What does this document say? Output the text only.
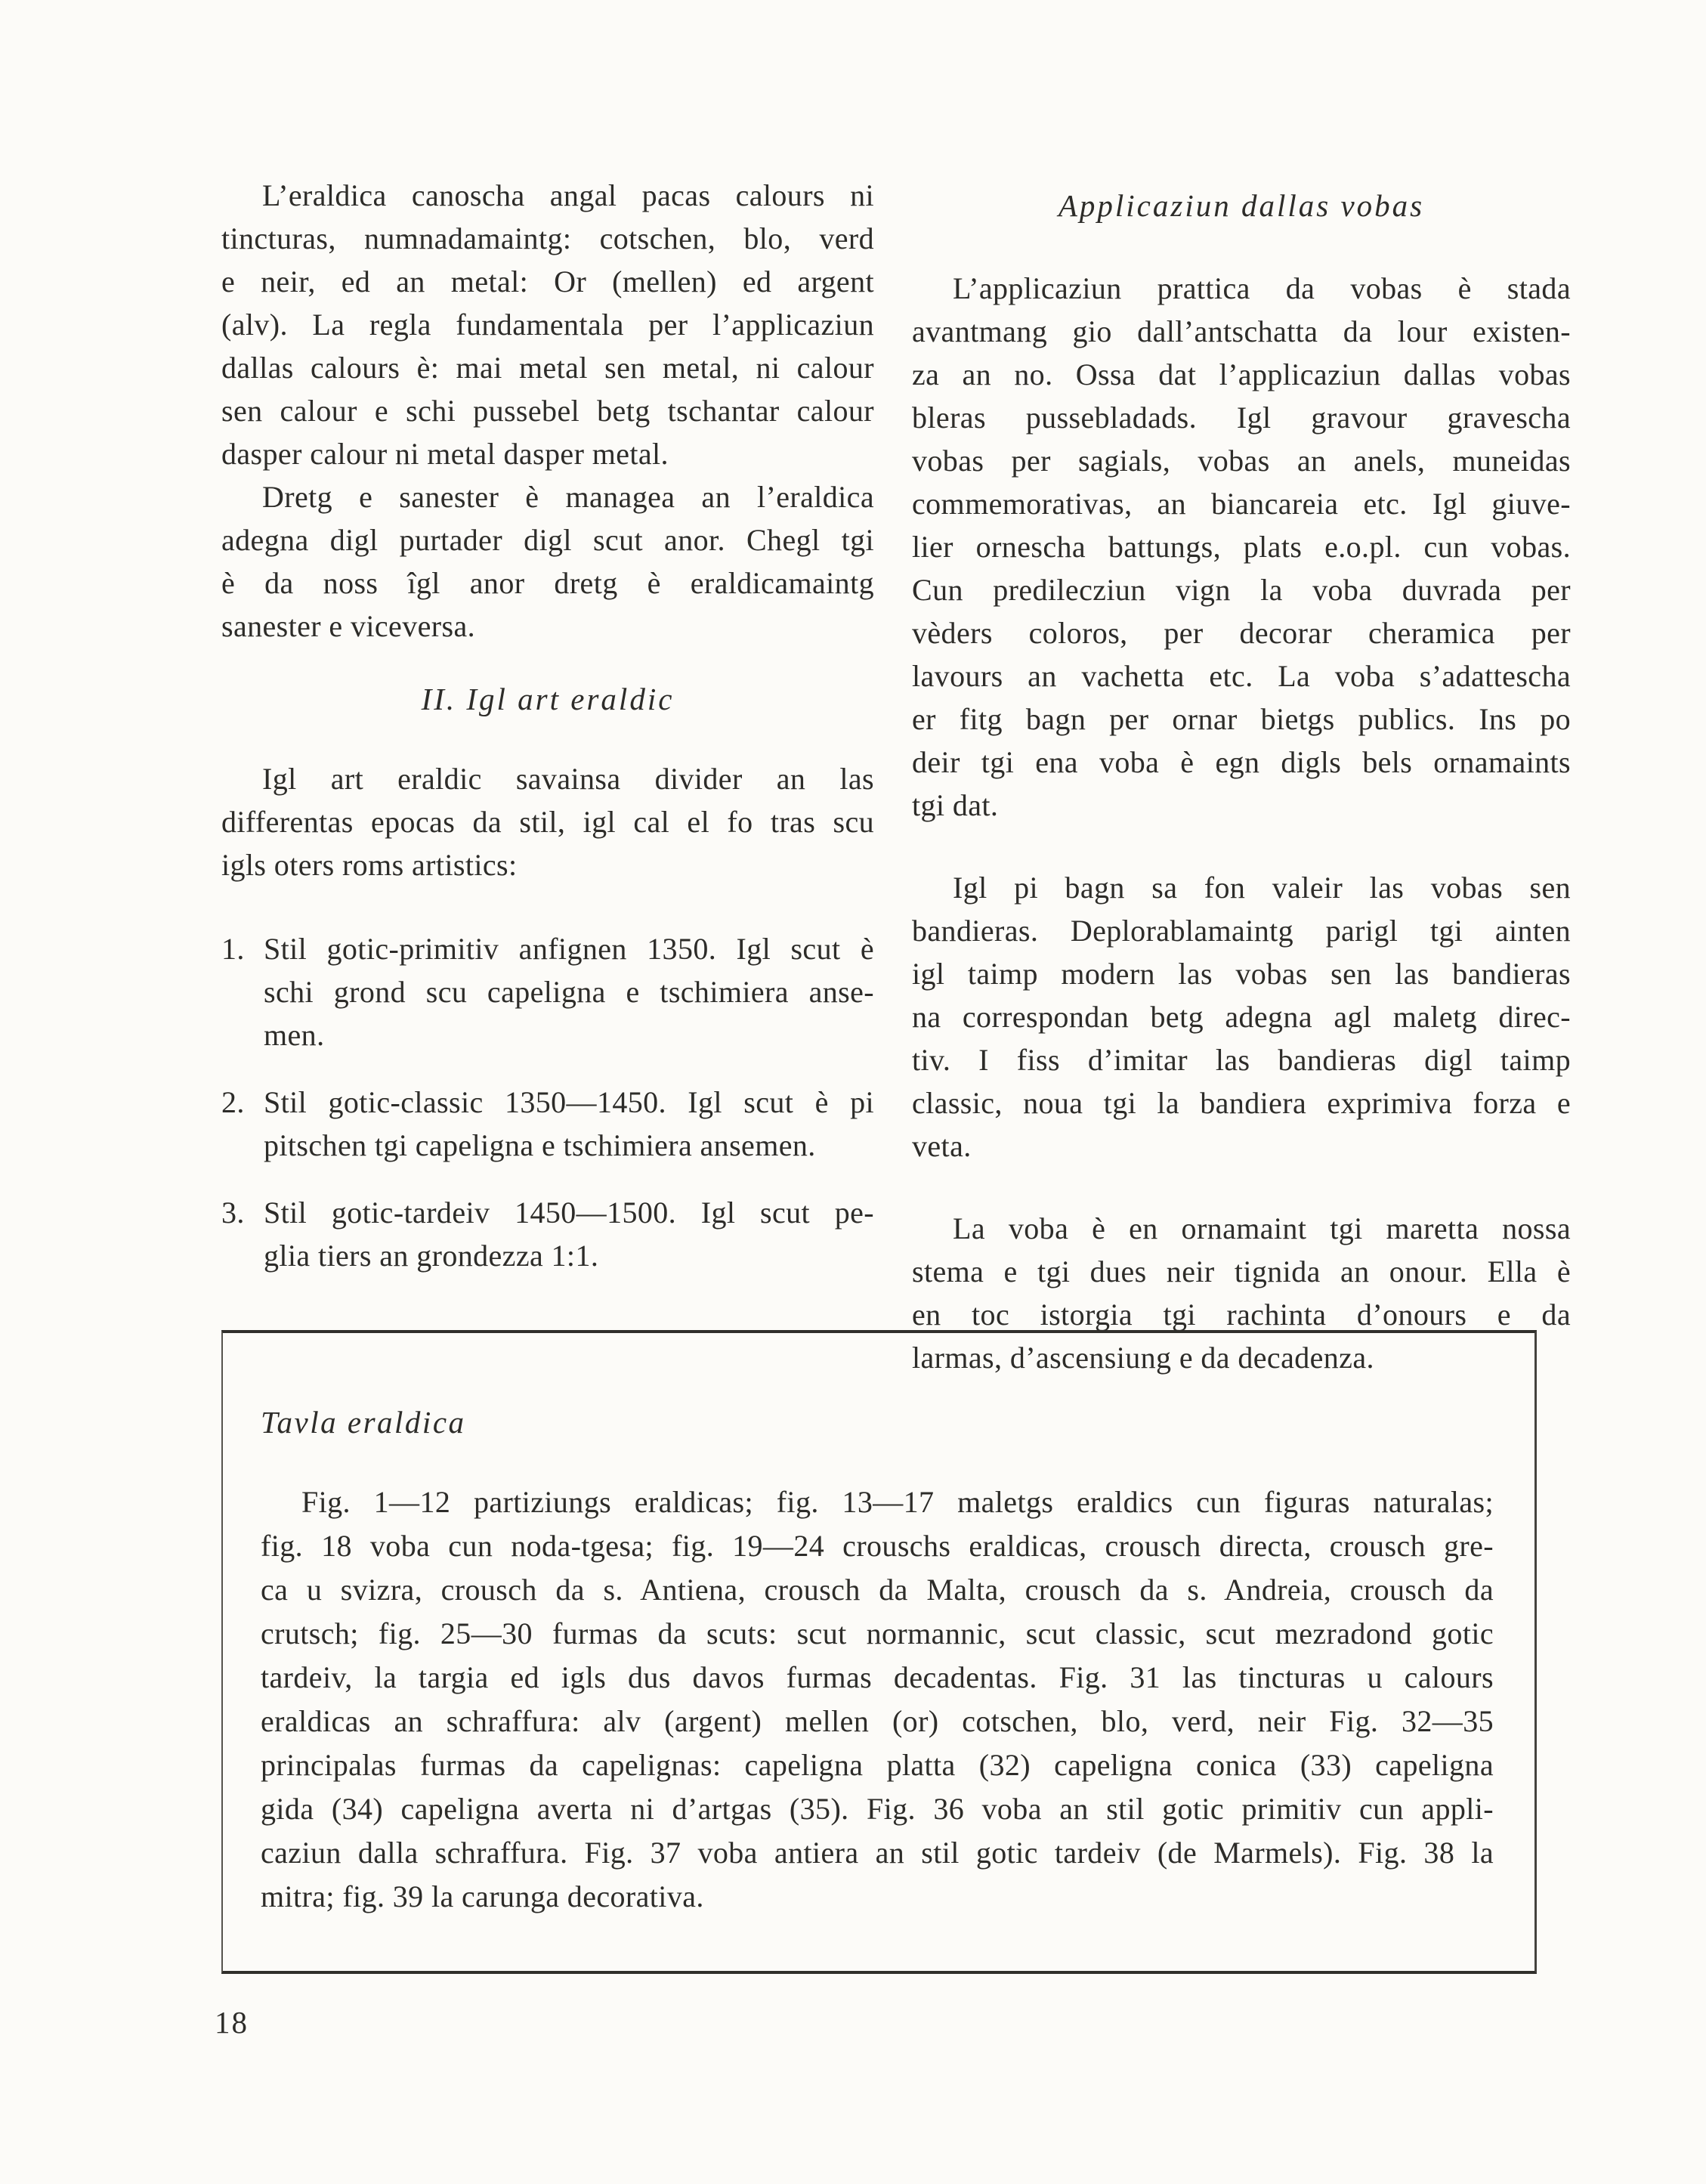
L’eraldica canoscha angal pacas calours ni
tincturas, numnadamaintg: cotschen, blo, verd
e neir, ed an metal: Or (mellen) ed argent
(alv). La regla fundamentala per l’applicaziun
dallas calours è: mai metal sen metal, ni calour
sen calour e schi pussebel betg tschantar calour
dasper calour ni metal dasper metal.
Dretg e sanester è managea an l’eraldica
adegna digl purtader digl scut anor. Chegl tgi
è da noss îgl anor dretg è eraldicamaintg
sanester e viceversa.
II. Igl art eraldic
Igl art eraldic savainsa divider an las
differentas epocas da stil, igl cal el fo tras scu
igls oters roms artistics:
1. Stil gotic-primitiv anfignen 1350. Igl scut è
schi grond scu capeligna e tschimiera anse-
men.
2. Stil gotic-classic 1350—1450. Igl scut è pi
pitschen tgi capeligna e tschimiera ansemen.
3. Stil gotic-tardeiv 1450—1500. Igl scut pe-
glia tiers an grondezza 1:1.
Applicaziun dallas vobas
L’applicaziun prattica da vobas è stada
avantmang gio dall’antschatta da lour existen-
za an no. Ossa dat l’applicaziun dallas vobas
bleras pussebladads. Igl gravour gravescha
vobas per sagials, vobas an anels, muneidas
commemorativas, an biancareia etc. Igl giuve-
lier ornescha battungs, plats e.o.pl. cun vobas.
Cun predilecziun vign la voba duvrada per
vèders coloros, per decorar cheramica per
lavours an vachetta etc. La voba s’adattescha
er fitg bagn per ornar bietgs publics. Ins po
deir tgi ena voba è egn digls bels ornamaints
tgi dat.
Igl pi bagn sa fon valeir las vobas sen
bandieras. Deplorablamaintg parigl tgi ainten
igl taimp modern las vobas sen las bandieras
na correspondan betg adegna agl maletg direc-
tiv. I fiss d’imitar las bandieras digl taimp
classic, noua tgi la bandiera exprimiva forza e
veta.
La voba è en ornamaint tgi maretta nossa
stema e tgi dues neir tignida an onour. Ella è
en toc istorgia tgi rachinta d’onours e da
larmas, d’ascensiung e da decadenza.
Tavla eraldica
Fig. 1—12 partiziungs eraldicas; fig. 13—17 maletgs eraldics cun figuras naturalas;
fig. 18 voba cun noda-tgesa; fig. 19—24 crouschs eraldicas, crousch directa, crousch gre-
ca u svizra, crousch da s. Antiena, crousch da Malta, crousch da s. Andreia, crousch da
crutsch; fig. 25—30 furmas da scuts: scut normannic, scut classic, scut mezradond gotic
tardeiv, la targia ed igls dus davos furmas decadentas. Fig. 31 las tincturas u calours
eraldicas an schraffura: alv (argent) mellen (or) cotschen, blo, verd, neir Fig. 32—35
principalas furmas da capelignas: capeligna platta (32) capeligna conica (33) capeligna
gida (34) capeligna averta ni d’artgas (35). Fig. 36 voba an stil gotic primitiv cun appli-
caziun dalla schraffura. Fig. 37 voba antiera an stil gotic tardeiv (de Marmels). Fig. 38 la
mitra; fig. 39 la carunga decorativa.
18
